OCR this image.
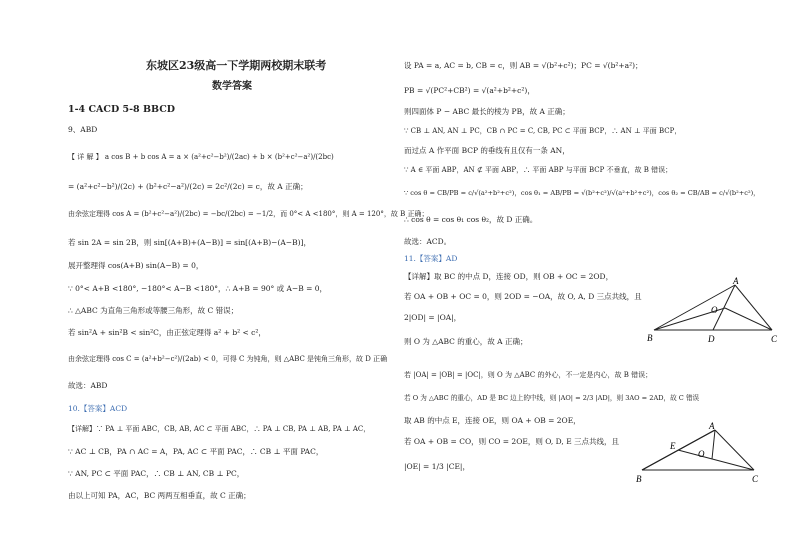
东坡区23级高一下学期两校期末联考
数学答案
1-4 CACD 5-8 BBCD
9、ABD
【 详 解 】 a cos B + b cos A = a × (a²+c²−b²)/(2ac) + b × (b²+c²−a²)/(2bc)
= (a²+c²−b²)/(2c) + (b²+c²−a²)/(2c) = 2c²/(2c) = c，故 A 正确；
由余弦定理得 cos A = (b²+c²−a²)/(2bc) = −bc/(2bc) = −1/2，而 0°< A <180°，则 A = 120°，故 B 正确；
若 sin 2A = sin 2B，则 sin[(A+B)+(A−B)] = sin[(A+B)−(A−B)]，
展开整理得 cos(A+B) sin(A−B) = 0，
∵ 0°< A+B <180°, −180°< A−B <180°，∴ A+B = 90° 或 A−B = 0，
∴ △ABC 为直角三角形或等腰三角形，故 C 错误；
若 sin²A + sin²B < sin²C，由正弦定理得 a² + b² < c²，
由余弦定理得 cos C = (a²+b²−c²)/(2ab) < 0，可得 C 为钝角，则 △ABC 是钝角三角形，故 D 正确
故选：ABD
10.【答案】ACD
【详解】∵ PA ⊥ 平面 ABC，CB, AB, AC ⊂ 平面 ABC，∴ PA ⊥ CB, PA ⊥ AB, PA ⊥ AC，
∵ AC ⊥ CB，PA ∩ AC = A，PA, AC ⊂ 平面 PAC，∴ CB ⊥ 平面 PAC，
∵ AN, PC ⊂ 平面 PAC，∴ CB ⊥ AN, CB ⊥ PC，
由以上可知 PA，AC，BC 两两互相垂直，故 C 正确；
设 PA = a, AC = b, CB = c，则 AB = √(b²+c²)；PC = √(b²+a²)；
PB = √(PC²+CB²) = √(a²+b²+c²)，
则四面体 P − ABC 最长的棱为 PB，故 A 正确；
∵ CB ⊥ AN, AN ⊥ PC，CB ∩ PC = C, CB, PC ⊂ 平面 BCP，∴ AN ⊥ 平面 BCP，
而过点 A 作平面 BCP 的垂线有且仅有一条 AN，
∵ A ∈ 平面 ABP，AN ⊄ 平面 ABP，∴ 平面 ABP 与平面 BCP 不垂直，故 B 错误；
∵ cos θ = CB/PB = c/√(a²+b²+c²)，cos θ₁ = AB/PB = √(b²+c²)/√(a²+b²+c²)，cos θ₂ = CB/AB = c/√(b²+c²)，
∴ cos θ = cos θ₁ cos θ₂，故 D 正确。
故选：ACD。
11.【答案】AD
【详解】取 BC 的中点 D，连接 OD，则 OB + OC = 2OD，
若 OA + OB + OC = 0，则 2OD = −OA，故 O, A, D 三点共线，且
2|OD| = |OA|，
则 O 为 △ABC 的重心，故 A 正确；
若 |OA| = |OB| = |OC|，则 O 为 △ABC 的外心，不一定是内心，故 B 错误；
若 O 为 △ABC 的重心，AD 是 BC 边上的中线，则 |AO| = 2/3 |AD|，则 3AO = 2AD，故 C 错误
取 AB 的中点 E，连接 OE，则 OA + OB = 2OE，
若 OA + OB = CO，则 CO = 2OE，则 O, D, E 三点共线，且
|OE| = 1/3 |CE|，
A
B	C
D
O
A
B	C
E
O
